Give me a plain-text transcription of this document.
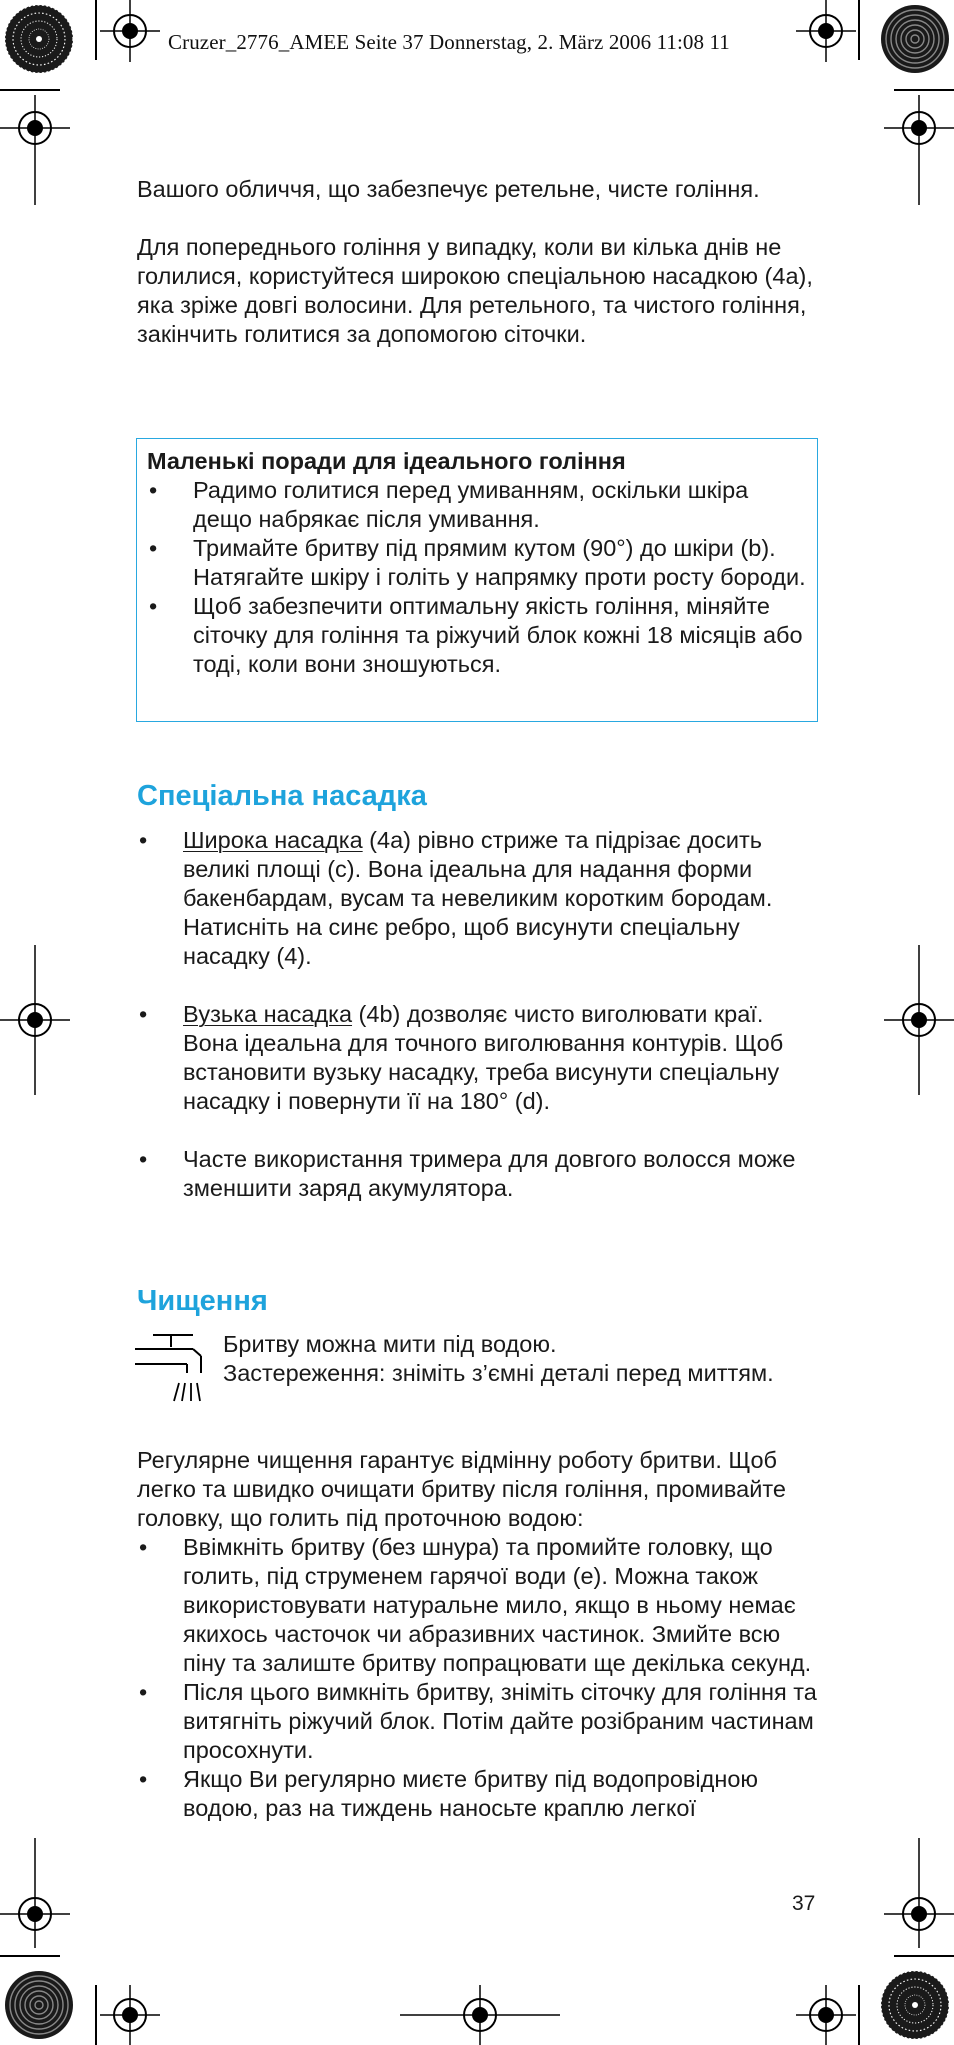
Cruzer_2776_AMEE Seite 37 Donnerstag, 2. März 2006 11:08 11

Вашого обличчя, що забезпечує ретельне, чисте гоління.

Для попереднього гоління у випадку, коли ви кілька днів не голилися, користуйтеся широкою спеціальною насадкою (4а), яка зріже довгі волосини. Для ретельного, та чистого гоління, закінчить голитися за допомогою сіточки.

Маленькі поради для ідеального гоління
• Радимо голитися перед умиванням, оскільки шкіра дещо набрякає після умивання.
• Тримайте бритву під прямим кутом (90°) до шкіри (b). Натягайте шкіру і голіть у напрямку проти росту бороди.
• Щоб забезпечити оптимальну якість гоління, міняйте сіточку для гоління та ріжучий блок кожні 18 місяців або тоді, коли вони зношуються.
Спеціальна насадка
• Широка насадка (4а) рівно стриже та підрізає досить великі площі (c). Вона ідеальна для надання форми бакенбардам, вусам та невеликим коротким бородам. Натисніть на синє ребро, щоб висунути спеціальну насадку (4).
• Вузька насадка (4b) дозволяє чисто виголювати краї. Вона ідеальна для точного виголювання контурів. Щоб встановити вузьку насадку, треба висунути спеціальну насадку і повернути її на 180° (d).
• Часте використання тримера для довгого волосся може зменшити заряд акумулятора.
Чищення
Бритву можна мити під водою.
Застереження: зніміть з’ємні деталі перед миттям.

Регулярне чищення гарантує відмінну роботу бритви. Щоб легко та швидко очищати бритву після гоління, промивайте головку, що голить під проточною водою:

• Ввімкніть бритву (без шнура) та промийте головку, що голить, під струменем гарячої води (e). Можна також використовувати натуральне мило, якщо в ньому немає якихось часточок чи абразивних частинок. Змийте всю піну та залиште бритву попрацювати ще декілька секунд.
• Після цього вимкніть бритву, зніміть сіточку для гоління та витягніть ріжучий блок. Потім дайте розібраним частинам просохнути.
• Якщо Ви регулярно миєте бритву під водопровідною водою, раз на тиждень наносьте краплю легкої
37
